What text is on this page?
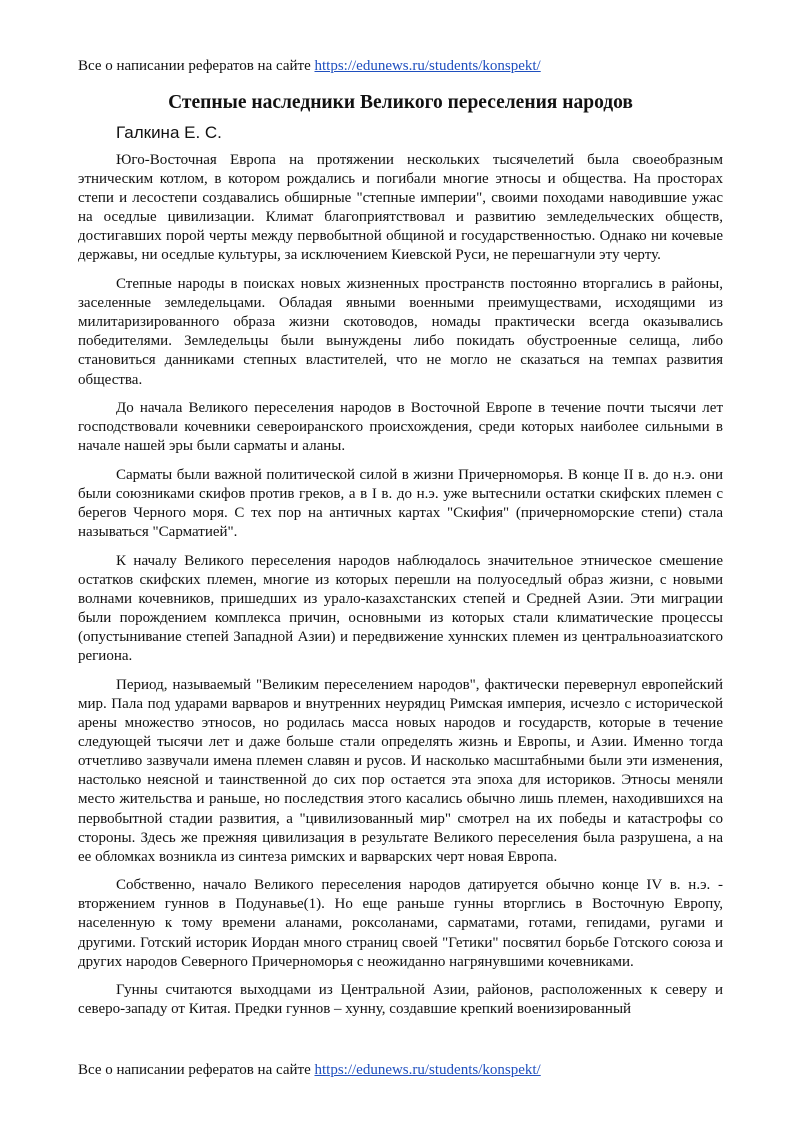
Все о написании рефератов на сайте https://edunews.ru/students/konspekt/
Степные наследники Великого переселения народов
Галкина Е. С.

Юго-Восточная Европа на протяжении нескольких тысячелетий была своеобразным этническим котлом, в котором рождались и погибали многие этносы и общества. На просторах степи и лесостепи создавались обширные "степные империи", своими походами наводившие ужас на оседлые цивилизации. Климат благоприятствовал и развитию земледельческих обществ, достигавших порой черты между первобытной общиной и государственностью. Однако ни кочевые державы, ни оседлые культуры, за исключением Киевской Руси, не перешагнули эту черту.

Степные народы в поисках новых жизненных пространств постоянно вторгались в районы, заселенные земледельцами. Обладая явными военными преимуществами, исходящими из милитаризированного образа жизни скотоводов, номады практически всегда оказывались победителями. Земледельцы были вынуждены либо покидать обустроенные селища, либо становиться данниками степных властителей, что не могло не сказаться на темпах развития общества.

До начала Великого переселения народов в Восточной Европе в течение почти тысячи лет господствовали кочевники североиранского происхождения, среди которых наиболее сильными в начале нашей эры были сарматы и аланы.

Сарматы были важной политической силой в жизни Причерноморья. В конце II в. до н.э. они были союзниками скифов против греков, а в I в. до н.э. уже вытеснили остатки скифских племен с берегов Черного моря. С тех пор на античных картах "Скифия" (причерноморские степи) стала называться "Сарматией".

К началу Великого переселения народов наблюдалось значительное этническое смешение остатков скифских племен, многие из которых перешли на полуоседлый образ жизни, с новыми волнами кочевников, пришедших из урало-казахстанских степей и Средней Азии. Эти миграции были порождением комплекса причин, основными из которых стали климатические процессы (опустынивание степей Западной Азии) и передвижение хуннских племен из центральноазиатского региона.

Период, называемый "Великим переселением народов", фактически перевернул европейский мир. Пала под ударами варваров и внутренних неурядиц Римская империя, исчезло с исторической арены множество этносов, но родилась масса новых народов и государств, которые в течение следующей тысячи лет и даже больше стали определять жизнь и Европы, и Азии. Именно тогда отчетливо зазвучали имена племен славян и русов. И насколько масштабными были эти изменения, настолько неясной и таинственной до сих пор остается эта эпоха для историков. Этносы меняли место жительства и раньше, но последствия этого касались обычно лишь племен, находившихся на первобытной стадии развития, а "цивилизованный мир" смотрел на их победы и катастрофы со стороны. Здесь же прежняя цивилизация в результате Великого переселения была разрушена, а на ее обломках возникла из синтеза римских и варварских черт новая Европа.

Собственно, начало Великого переселения народов датируется обычно конце IV в. н.э. - вторжением гуннов в Подунавье(1). Но еще раньше гунны вторглись в Восточную Европу, населенную к тому времени аланами, роксоланами, сарматами, готами, гепидами, ругами и другими. Готский историк Иордан много страниц своей "Гетики" посвятил борьбе Готского союза и других народов Северного Причерноморья с неожиданно нагрянувшими кочевниками.

Гунны считаются выходцами из Центральной Азии, районов, расположенных к северу и северо-западу от Китая. Предки гуннов – хунну, создавшие крепкий военизированный

Все о написании рефератов на сайте https://edunews.ru/students/konspekt/
